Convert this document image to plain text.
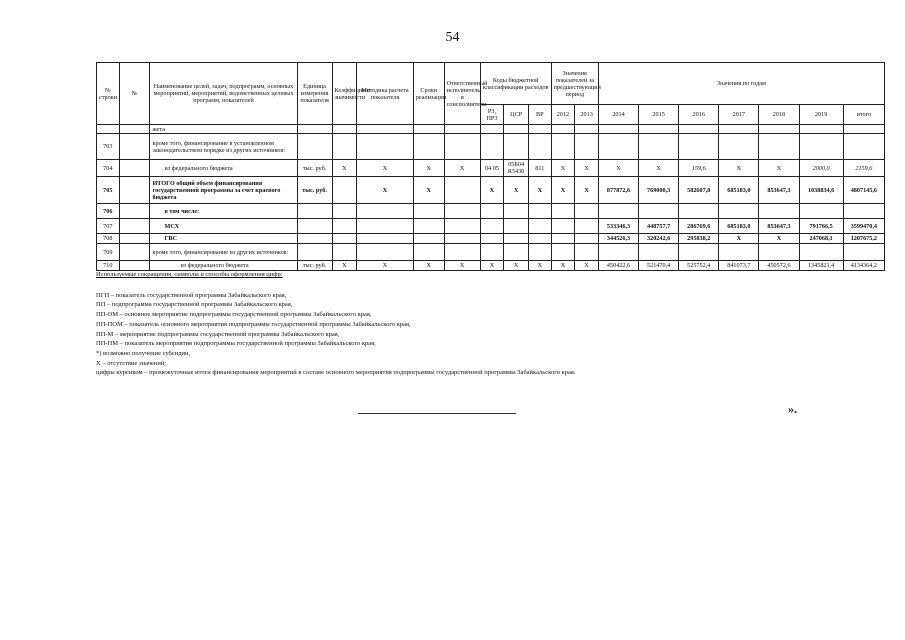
54
№ строки	№	Наименование целей, задач, подпрограмм, основных мероприятий, мероприятий, ведомственных целевых программ, показателей	Единица измерения показателя	Коэффициент значимости	Методика расчета показателя	Сроки реализации	Ответственный исполнитель и соисполнители	Коды бюджетной классификации расходов			Значения показателей за предшествующий период		Значения по годам						
								РЗ, ПР3	ЦСР	ВР	2012	2013	2014	2015	2016	2017	2018	2019	итого
		жета																	
703		кроме того, финансирование в установленном законодательством порядке из других источников:																	
704		из федерального бюджета	тыс. руб.	X	X	X	X	04 05	05Б04 R5430	811	X	X	X	X	159,6	X	X	2000,0	2159,6
705		ИТОГО общий объем финансирования государственной программы за счет краевого бюджета	тыс. руб.		X	X		X	X	X	X	X	877872,6	769000,3	582607,8	685183,0	853647,3	1038834,6	4807145,6
706		в том числе:																	
707		МСХ											533346,3	448757,7	286769,6	685183,0	853647,3	791766,5	3599470,4
708		ГВС											344526,3	320242,6	295838,2	X	X	247068,1	1207675,2
709		кроме того, финансирование из других источников:																	
710		из федерального бюджета	тыс. руб.	X	X	X	X	X	X	X	X	X	450422,6	521470,4	525752,4	841073,7	450572,6	1345821,4	4134364,2
Используемые сокращения, символы и способы оформления цифр:
ПГП – показатель государственной программы Забайкальского края,
ПП – подпрограмма государственной программы Забайкальского края,
ПП-ОМ – основное мероприятие подпрограммы государственной программы Забайкальского края,
ПП-ПОМ – показатель основного мероприятия подпрограммы государственной программы Забайкальского края,
ПП-М – мероприятие подпрограммы государственной программы Забайкальского края,
ПП-ПМ – показатель мероприятия подпрограммы государственной программы Забайкальского края,
*) возможно получение субсидии,
X – отсутствие значений;
цифры курсивом – промежуточные итоги финансирования мероприятий в составе основного мероприятия подпрограммы государственной программы Забайкальского края.
».
